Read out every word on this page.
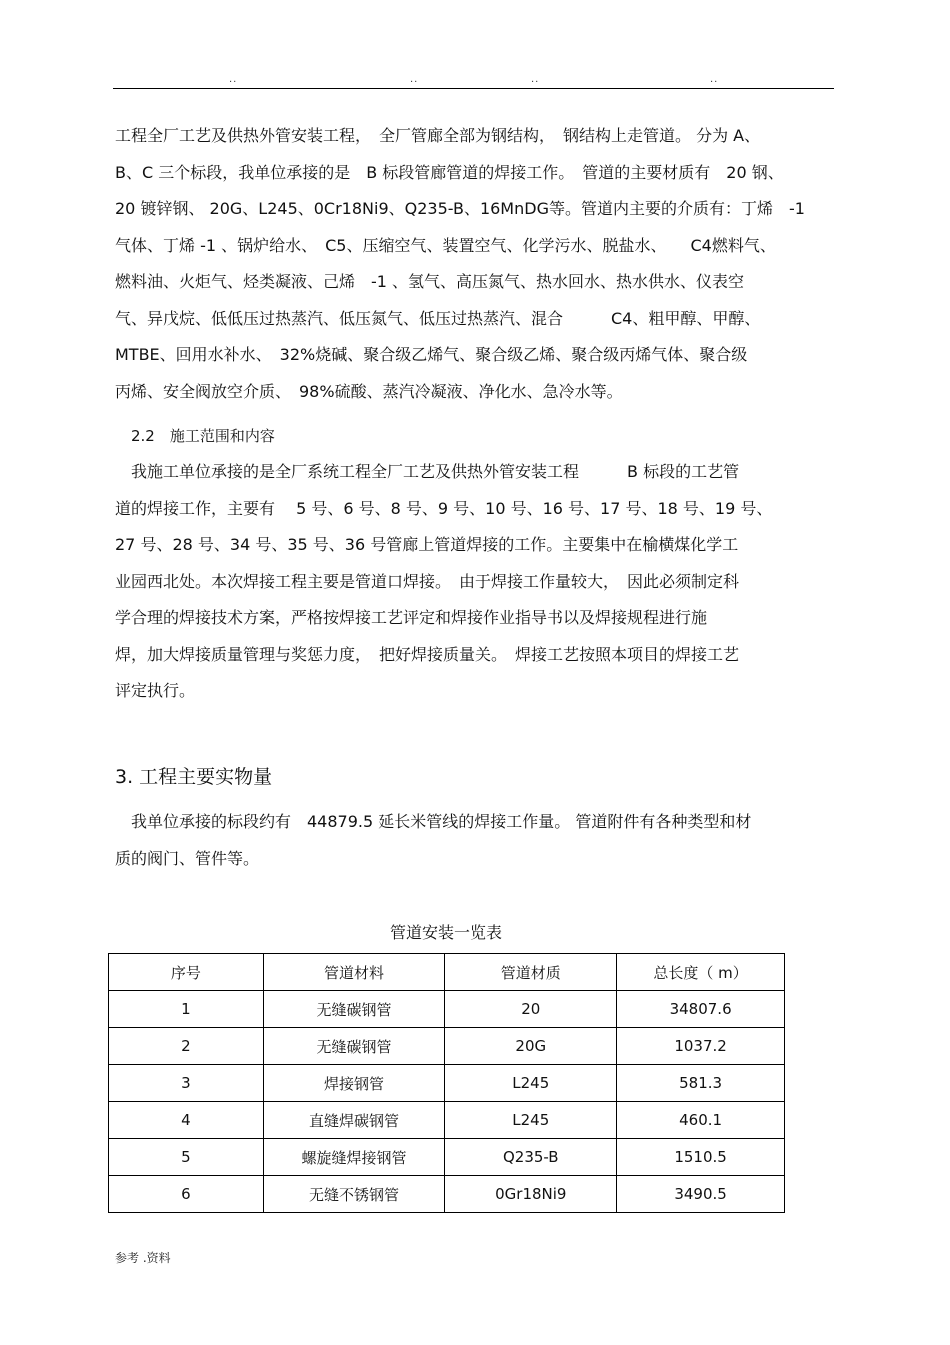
..	..	..	..
工程全厂工艺及供热外管安装工程，　全厂管廊全部为钢结构，　钢结构上走管道。 分为 A、
B、C 三个标段，我单位承接的是　B 标段管廊管道的焊接工作。　管道的主要材质有　20 钢、
20 镀锌钢、 20G、L245、0Cr18Ni9、Q235-B、16MnDG等。管道内主要的介质有：丁烯　-1
气体、丁烯 -1 、锅炉给水、　C5、压缩空气、装置空气、化学污水、脱盐水、　　C4燃料气、
燃料油、火炬气、烃类凝液、己烯　-1 、氢气、高压氮气、热水回水、热水供水、仪表空
气、异戊烷、低低压过热蒸汽、低压氮气、低压过热蒸汽、混合　　　C4、粗甲醇、甲醇、
MTBE、回用水补水、　32%烧碱、聚合级乙烯气、聚合级乙烯、聚合级丙烯气体、聚合级
丙烯、安全阀放空介质、　98%硫酸、蒸汽冷凝液、净化水、急冷水等。
2.2　施工范围和内容
　我施工单位承接的是全厂系统工程全厂工艺及供热外管安装工程　　　B 标段的工艺管
道的焊接工作，主要有　 5 号、6 号、8 号、9 号、10 号、16 号、17 号、18 号、19 号、
27 号、28 号、34 号、35 号、36 号管廊上管道焊接的工作。主要集中在榆横煤化学工
业园西北处。本次焊接工程主要是管道口焊接。　由于焊接工作量较大，　因此必须制定科
学合理的焊接技术方案，严格按焊接工艺评定和焊接作业指导书以及焊接规程进行施
焊，加大焊接质量管理与奖惩力度，　把好焊接质量关。　焊接工艺按照本项目的焊接工艺
评定执行。
3. 工程主要实物量
　我单位承接的标段约有　44879.5 延长米管线的焊接工作量。 管道附件有各种类型和材
质的阀门、管件等。
管道安装一览表
序号	管道材料	管道材质	总长度（ m）
1	无缝碳钢管	20	34807.6
2	无缝碳钢管	20G	1037.2
3	焊接钢管	L245	581.3
4	直缝焊碳钢管	L245	460.1
5	螺旋缝焊接钢管	Q235-B	1510.5
6	无缝不锈钢管	0Gr18Ni9	3490.5
参考 .资料
